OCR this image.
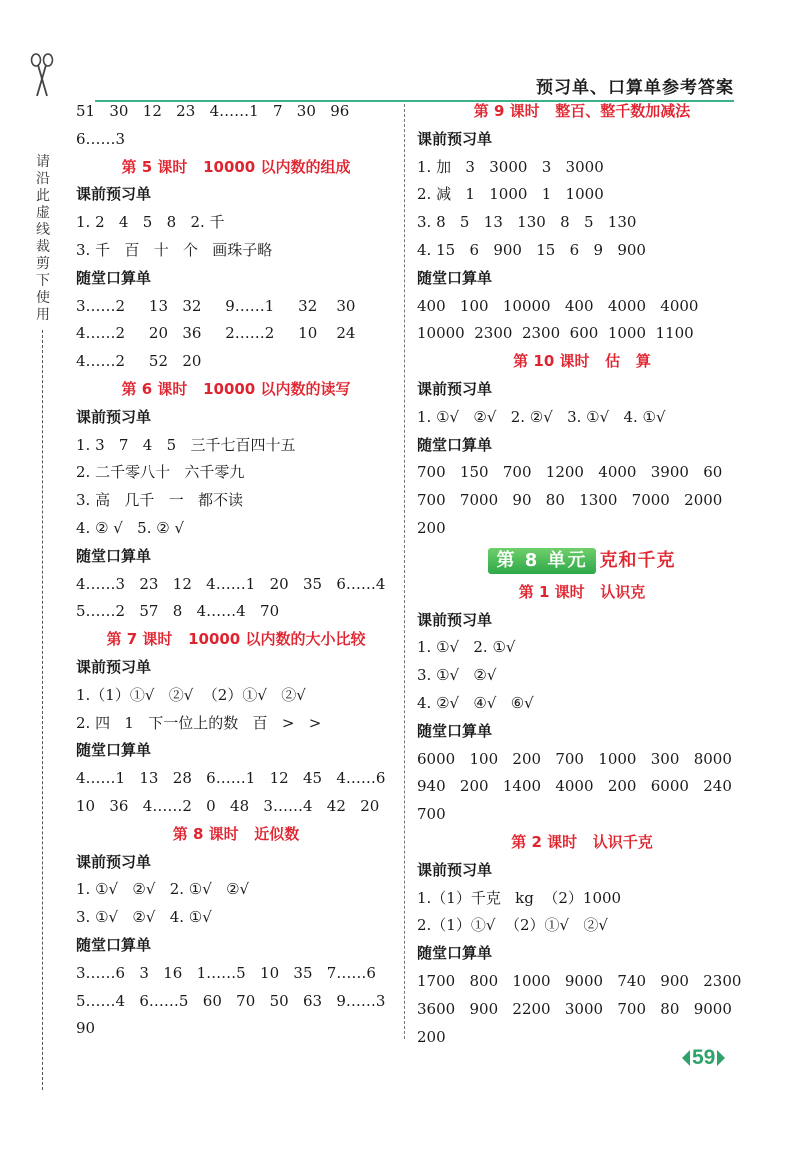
请沿此虚线裁剪下使用
预习单、口算单参考答案
51   30   12   23   4……1   7   30   96
6……3
第 5 课时   10000 以内数的组成
课前预习单
1. 2   4   5   8   2. 千
3. 千   百   十   个   画珠子略
随堂口算单
3……2     13   32     9……1     32    30
4……2     20   36     2……2     10    24
4……2     52   20
第 6 课时   10000 以内数的读写
课前预习单
1. 3   7   4   5   三千七百四十五
2. 二千零八十   六千零九
3. 高   几千   一   都不读
4. ② √   5. ② √
随堂口算单
4……3   23   12   4……1   20   35   6……4
5……2   57   8   4……4   70
第 7 课时   10000 以内数的大小比较
课前预习单
1.（1）①√   ②√  （2）①√   ②√
2. 四   1   下一位上的数   百   >   >
随堂口算单
4……1   13   28   6……1   12   45   4……6
10   36   4……2   0   48   3……4   42   20
第 8 课时   近似数
课前预习单
1. ①√   ②√   2. ①√   ②√
3. ①√   ②√   4. ①√
随堂口算单
3……6   3   16   1……5   10   35   7……6
5……4   6……5   60   70   50   63   9……3
90
第 9 课时   整百、整千数加减法
课前预习单
1. 加   3   3000   3   3000
2. 减   1   1000   1   1000
3. 8   5   13   130   8   5   130
4. 15   6   900   15   6   9   900
随堂口算单
400   100   10000   400   4000   4000
10000  2300  2300  600  1000  1100
第 10 课时   估   算
课前预习单
1. ①√   ②√   2. ②√   3. ①√   4. ①√
随堂口算单
700   150   700   1200   4000   3900   60
700   7000   90   80   1300   7000   2000
200
第 8 单元 克和千克
第 1 课时   认识克
课前预习单
1. ①√   2. ①√
3. ①√   ②√
4. ②√   ④√   ⑥√
随堂口算单
6000   100   200   700   1000   300   8000
940   200   1400   4000   200   6000   240
700
第 2 课时   认识千克
课前预习单
1.（1）千克   kg  （2）1000
2.（1）①√  （2）①√   ②√
随堂口算单
1700   800   1000   9000   740   900   2300
3600   900   2200   3000   700   80   9000
200
59
